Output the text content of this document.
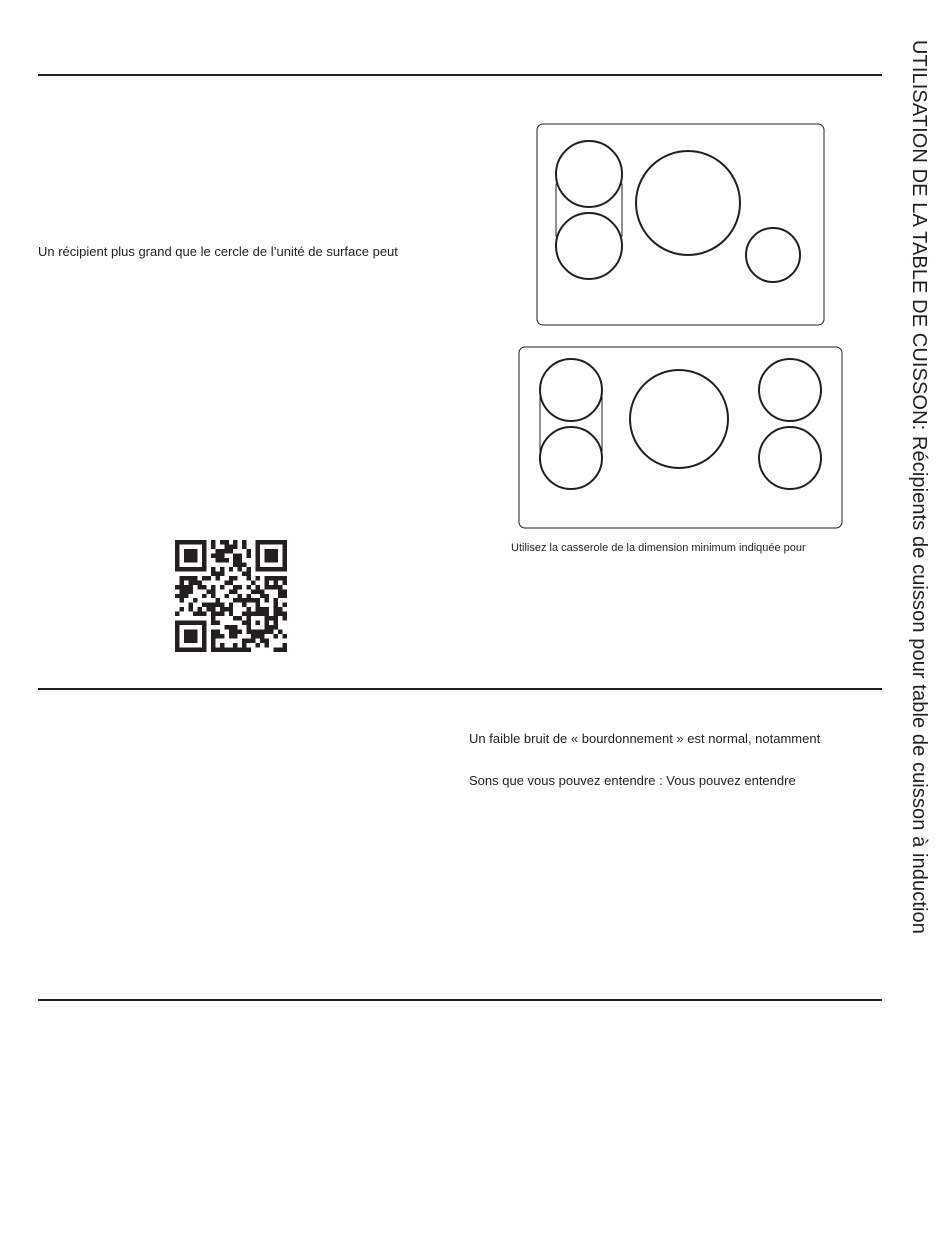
Un récipient plus grand que le cercle de l’unité de surface peut
Utilisez la casserole de la dimension minimum indiquée pour
Un faible bruit de « bourdonnement » est normal, notamment
Sons que vous pouvez entendre : Vous pouvez entendre
UTILISATION DE LA TABLE DE CUISSON: Récipients de cuisson pour table de cuisson à induction
